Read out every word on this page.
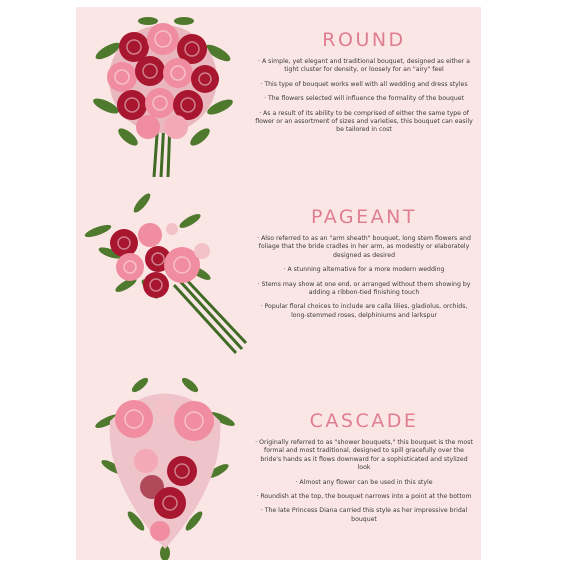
ROUND

· A simple, yet elegant and traditional bouquet, designed as either a tight cluster for density, or loosely for an "airy" feel

· This type of bouquet works well with all wedding and dress styles

· The flowers selected will influence the formality of the bouquet

· As a result of its ability to be comprised of either the same type of flower or an assortment of sizes and varieties, this bouquet can easily be tailored in cost

PAGEANT

· Also referred to as an "arm sheath" bouquet, long stem flowers and foliage that the bride cradles in her arm, as modestly or elaborately designed as desired

· A stunning alternative for a more modern wedding

· Stems may show at one end, or arranged without them showing by adding a ribbon-tied finishing touch

· Popular floral choices to include are calla lilies, gladiolus, orchids, long-stemmed roses, delphiniums and larkspur

CASCADE

· Originally referred to as "shower bouquets," this bouquet is the most formal and most traditional, designed to spill gracefully over the bride's hands as it flows downward for a sophisticated and stylized look

· Almost any flower can be used in this style

· Roundish at the top, the bouquet narrows into a point at the bottom

· The late Princess Diana carried this style as her impressive bridal bouquet
